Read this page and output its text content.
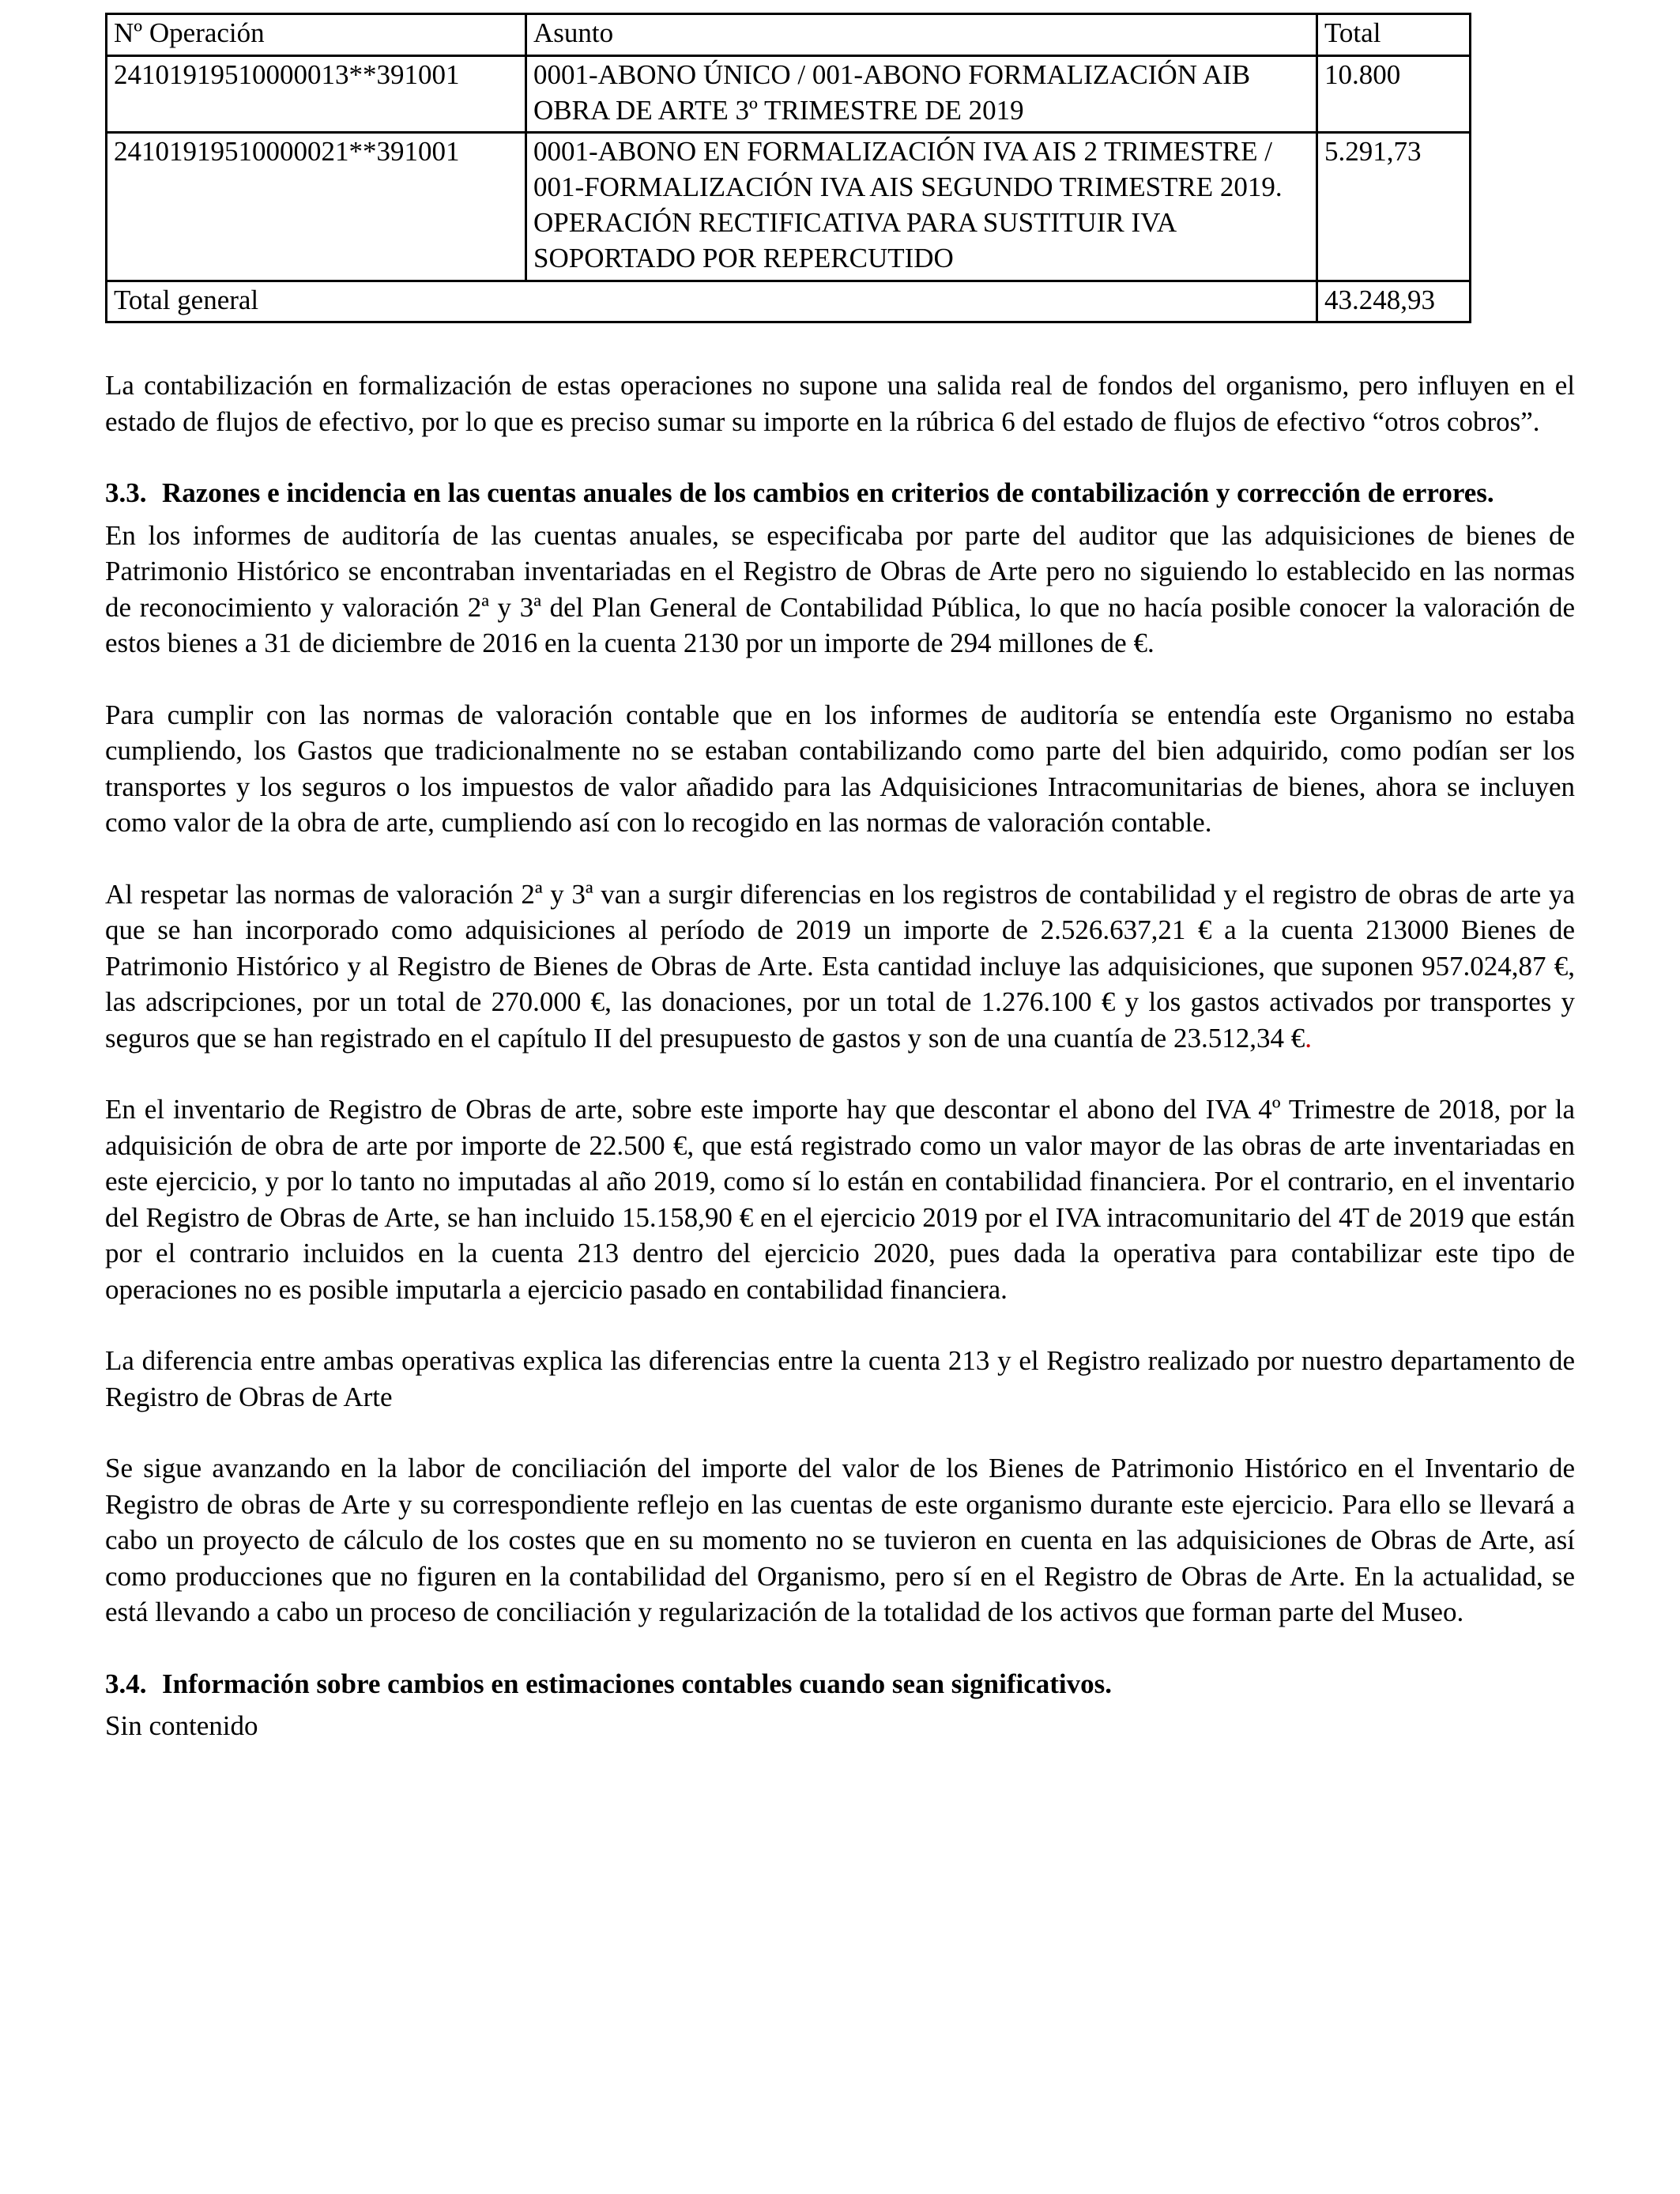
Nº Operación	Asunto	Total
24101919510000013**391001	0001-ABONO ÚNICO / 001-ABONO FORMALIZACIÓN AIB OBRA DE ARTE 3º TRIMESTRE DE 2019	10.800
24101919510000021**391001	0001-ABONO EN FORMALIZACIÓN IVA AIS 2 TRIMESTRE / 001-FORMALIZACIÓN IVA AIS SEGUNDO TRIMESTRE 2019. OPERACIÓN RECTIFICATIVA PARA SUSTITUIR IVA SOPORTADO POR REPERCUTIDO	5.291,73
Total general		43.248,93

La contabilización en formalización de estas operaciones no supone una salida real de fondos del organismo, pero influyen en el estado de flujos de efectivo, por lo que es preciso sumar su importe en la rúbrica 6 del estado de flujos de efectivo “otros cobros”.

3.3. Razones e incidencia en las cuentas anuales de los cambios en criterios de contabilización y corrección de errores.

En los informes de auditoría de las cuentas anuales, se especificaba por parte del auditor que las adquisiciones de bienes de Patrimonio Histórico se encontraban inventariadas en el Registro de Obras de Arte pero no siguiendo lo establecido en las normas de reconocimiento y valoración 2ª y 3ª del Plan General de Contabilidad Pública, lo que no hacía posible conocer la valoración de estos bienes a 31 de diciembre de 2016 en la cuenta 2130 por un importe de 294 millones de €.

Para cumplir con las normas de valoración contable que en los informes de auditoría se entendía este Organismo no estaba cumpliendo, los Gastos que tradicionalmente no se estaban contabilizando como parte del bien adquirido, como podían ser los transportes y los seguros o los impuestos de valor añadido para las Adquisiciones Intracomunitarias de bienes, ahora se incluyen como valor de la obra de arte, cumpliendo así con lo recogido en las normas de valoración contable.

Al respetar las normas de valoración 2ª y 3ª van a surgir diferencias en los registros de contabilidad y el registro de obras de arte ya que se han incorporado como adquisiciones al período de 2019 un importe de 2.526.637,21 € a la cuenta 213000 Bienes de Patrimonio Histórico y al Registro de Bienes de Obras de Arte. Esta cantidad incluye las adquisiciones, que suponen 957.024,87 €, las adscripciones, por un total de 270.000 €, las donaciones, por un total de 1.276.100 € y los gastos activados por transportes y seguros que se han registrado en el capítulo II del presupuesto de gastos y son de una cuantía de 23.512,34 €.

En el inventario de Registro de Obras de arte, sobre este importe hay que descontar el abono del IVA 4º Trimestre de 2018, por la adquisición de obra de arte por importe de 22.500 €, que está registrado como un valor mayor de las obras de arte inventariadas en este ejercicio, y por lo tanto no imputadas al año 2019, como sí lo están en contabilidad financiera. Por el contrario, en el inventario del Registro de Obras de Arte, se han incluido 15.158,90 € en el ejercicio 2019 por el IVA intracomunitario del 4T de 2019 que están por el contrario incluidos en la cuenta 213 dentro del ejercicio 2020, pues dada la operativa para contabilizar este tipo de operaciones no es posible imputarla a ejercicio pasado en contabilidad financiera.

La diferencia entre ambas operativas explica las diferencias entre la cuenta 213 y el Registro realizado por nuestro departamento de Registro de Obras de Arte

Se sigue avanzando en la labor de conciliación del importe del valor de los Bienes de Patrimonio Histórico en el Inventario de Registro de obras de Arte y su correspondiente reflejo en las cuentas de este organismo durante este ejercicio. Para ello se llevará a cabo un proyecto de cálculo de los costes que en su momento no se tuvieron en cuenta en las adquisiciones de Obras de Arte, así como producciones que no figuren en la contabilidad del Organismo, pero sí en el Registro de Obras de Arte. En la actualidad, se está llevando a cabo un proceso de conciliación y regularización de la totalidad de los activos que forman parte del Museo.

3.4. Información sobre cambios en estimaciones contables cuando sean significativos.

Sin contenido
